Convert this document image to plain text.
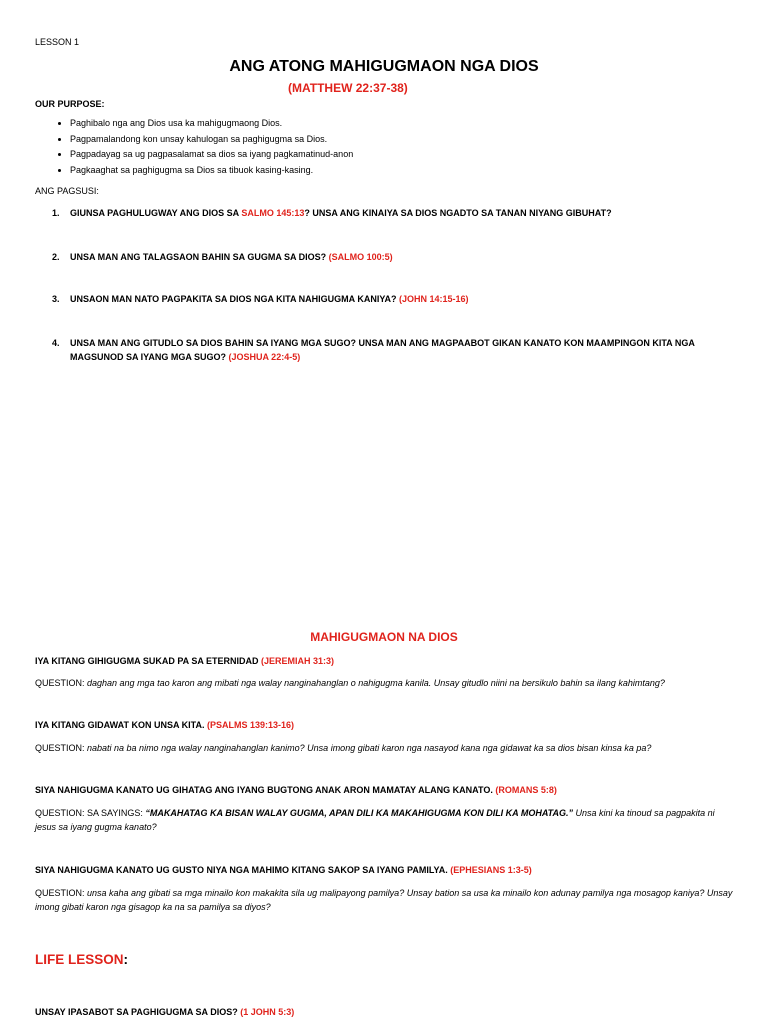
LESSON 1
ANG ATONG MAHIGUGMAON NGA DIOS
(MATTHEW 22:37-38)
OUR PURPOSE:
• Paghibalo nga ang Dios usa ka mahigugmaong Dios.
• Pagpamalandong kon unsay kahulogan sa paghigugma sa Dios.
• Pagpadayag sa ug pagpasalamat sa dios sa iyang pagkamatinud-anon
• Pagkaaghat sa paghigugma sa Dios sa tibuok kasing-kasing.
ANG PAGSUSI:
1.	GIUNSA PAGHULUGWAY ANG DIOS SA SALMO 145:13? UNSA ANG KINAIYA SA DIOS NGADTO SA TANAN NIYANG GIBUHAT?
2.	UNSA MAN ANG TALAGSAON BAHIN SA GUGMA SA DIOS? (SALMO 100:5)
3.	UNSAON MAN NATO PAGPAKITA SA DIOS NGA KITA NAHIGUGMA KANIYA? (JOHN 14:15-16)
4.	UNSA MAN ANG GITUDLO SA DIOS BAHIN SA IYANG MGA SUGO? UNSA MAN ANG MAGPAABOT GIKAN KANATO KON MAAMPINGON KITA NGA MAGSUNOD SA IYANG MGA SUGO? (JOSHUA 22:4-5)
MAHIGUGMAON NA DIOS
IYA KITANG GIHIGUGMA SUKAD PA SA ETERNIDAD (JEREMIAH 31:3)
QUESTION: daghan ang mga tao karon ang mibati nga walay nanginahanglan o nahigugma kanila. Unsay gitudlo niini na bersikulo bahin sa ilang kahimtang?
IYA KITANG GIDAWAT KON UNSA KITA. (PSALMS 139:13-16)
QUESTION: nabati na ba nimo nga walay nanginahanglan kanimo? Unsa imong gibati karon nga nasayod kana nga gidawat ka sa dios bisan kinsa ka pa?
SIYA NAHIGUGMA KANATO UG GIHATAG ANG IYANG BUGTONG ANAK ARON MAMATAY ALANG KANATO. (ROMANS 5:8)
QUESTION: SA SAYINGS: “MAKAHATAG KA BISAN WALAY GUGMA, APAN DILI KA MAKAHIGUGMA KON DILI KA MOHATAG.” Unsa kini ka tinoud sa pagpakita ni jesus sa iyang gugma kanato?
SIYA NAHIGUGMA KANATO UG GUSTO NIYA NGA MAHIMO KITANG SAKOP SA IYANG PAMILYA. (EPHESIANS 1:3-5)
QUESTION: unsa kaha ang gibati sa mga minailo kon makakita sila ug malipayong pamilya? Unsay bation sa usa ka minailo kon adunay pamilya nga mosagop kaniya? Unsay imong gibati karon nga gisagop ka na sa pamilya sa diyos?
LIFE LESSON:
UNSAY IPASABOT SA PAGHIGUGMA SA DIOS? (1 JOHN 5:3)
